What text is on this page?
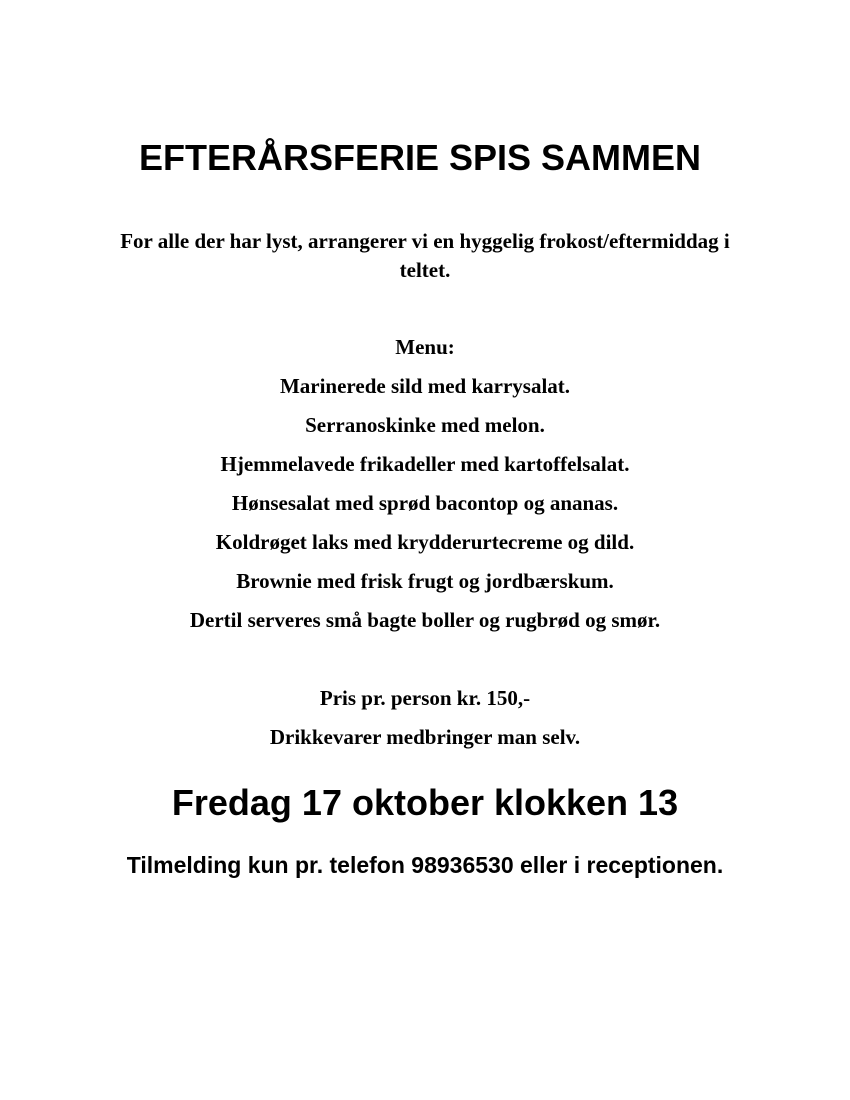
EFTERÅRSFERIE SPIS SAMMEN

For alle der har lyst, arrangerer vi en hyggelig frokost/eftermiddag i teltet.

Menu:

Marinerede sild med karrysalat.
Serranoskinke med melon.
Hjemmelavede frikadeller med kartoffelsalat.
Hønsesalat med sprød bacontop og ananas.
Koldrøget laks med krydderurtecreme og dild.
Brownie med frisk frugt og jordbærskum.
Dertil serveres små bagte boller og rugbrød og smør.

Pris pr. person kr. 150,-

Drikkevarer medbringer man selv.

Fredag 17 oktober klokken 13

Tilmelding kun pr. telefon 98936530 eller i receptionen.
